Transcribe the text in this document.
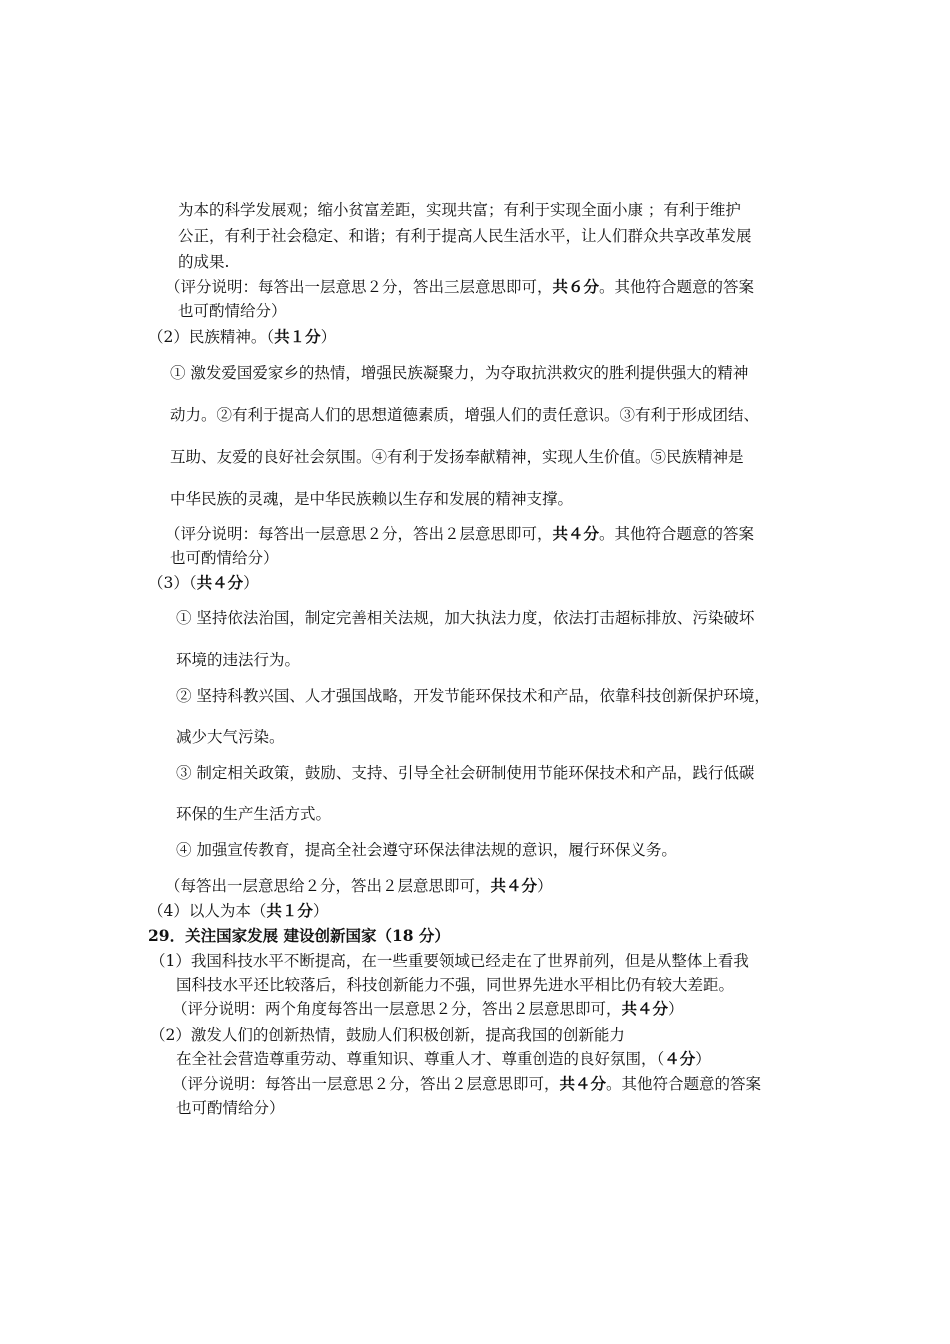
为本的科学发展观；缩小贫富差距，实现共富；有利于实现全面小康 ；有利于维护
公正，有利于社会稳定、和谐；有利于提高人民生活水平，让人们群众共享改革发展
的成果.
（评分说明：每答出一层意思２分，答出三层意思即可，共６分。其他符合题意的答案
也可酌情给分）
（2）民族精神。（共１分）
① 激发爱国爱家乡的热情，增强民族凝聚力，为夺取抗洪救灾的胜利提供强大的精神
动力。②有利于提高人们的思想道德素质，增强人们的责任意识。③有利于形成团结、
互助、友爱的良好社会氛围。④有利于发扬奉献精神，实现人生价值。⑤民族精神是
中华民族的灵魂，是中华民族赖以生存和发展的精神支撑。
（评分说明：每答出一层意思２分，答出２层意思即可，共４分。其他符合题意的答案
也可酌情给分）
（3）（共４分）
① 坚持依法治国，制定完善相关法规，加大执法力度，依法打击超标排放、污染破坏
环境的违法行为。
② 坚持科教兴国、人才强国战略，开发节能环保技术和产品，依靠科技创新保护环境，
减少大气污染。
③ 制定相关政策，鼓励、支持、引导全社会研制使用节能环保技术和产品，践行低碳
环保的生产生活方式。
④ 加强宣传教育，提高全社会遵守环保法律法规的意识，履行环保义务。
（每答出一层意思给２分，答出２层意思即可，共４分）
（4）以人为本（共１分）
29．关注国家发展 建设创新国家（18 分）
（1）我国科技水平不断提高，在一些重要领域已经走在了世界前列，但是从整体上看我
国科技水平还比较落后，科技创新能力不强，同世界先进水平相比仍有较大差距。
（评分说明：两个角度每答出一层意思２分，答出２层意思即可，共４分）
（2）激发人们的创新热情，鼓励人们积极创新，提高我国的创新能力
在全社会营造尊重劳动、尊重知识、尊重人才、尊重创造的良好氛围，（４分）
（评分说明：每答出一层意思２分，答出２层意思即可，共４分。其他符合题意的答案
也可酌情给分）
